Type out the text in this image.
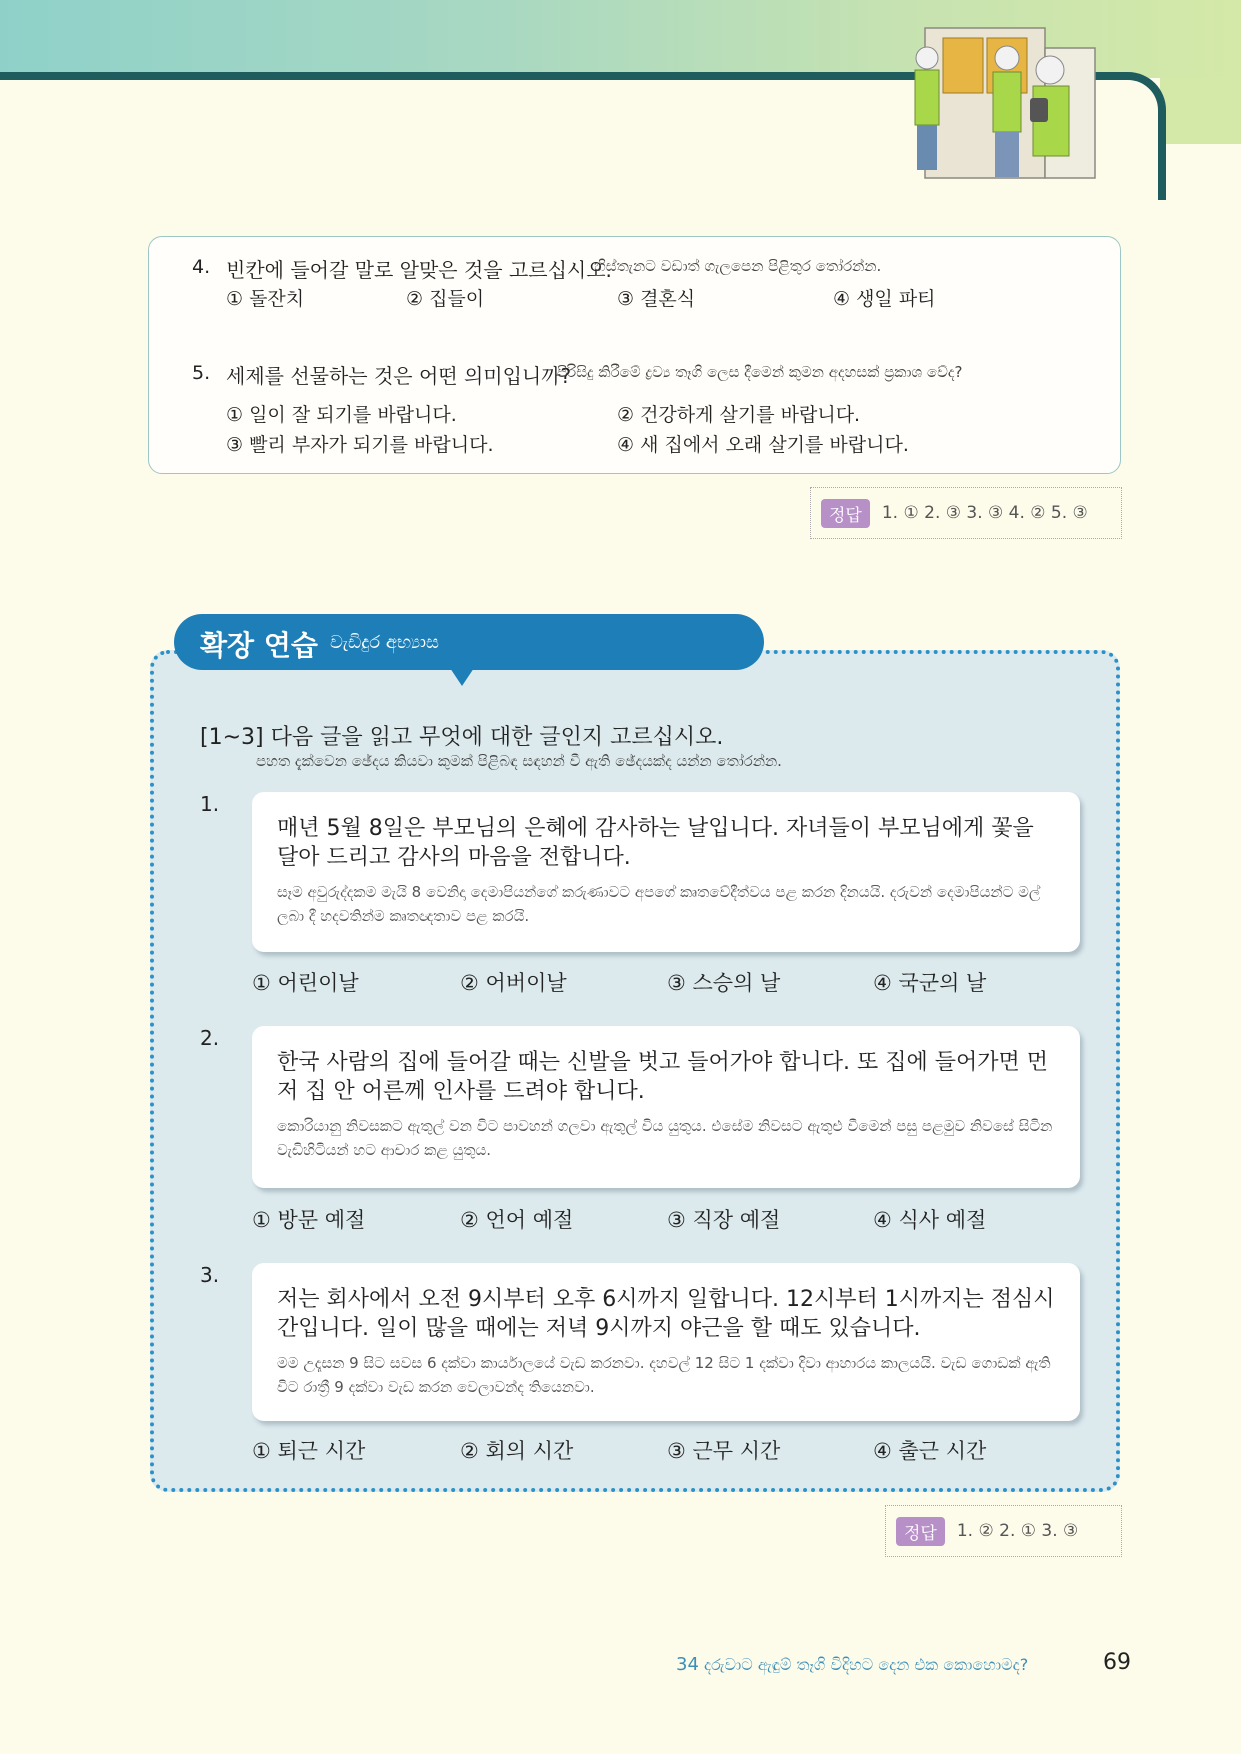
4. 빈칸에 들어갈 말로 알맞은 것을 고르십시오.
හිස්තැනට වඩාත් ගැලපෙන පිළිතුර තෝරන්න.
① 돌잔치	② 집들이	③ 결혼식	④ 생일 파티
5. 세제를 선물하는 것은 어떤 의미입니까?
පිරිසිදු කිරීමේ ද්‍රව්‍ය තෑගි ලෙස දීමෙන් කුමන අදහසක් ප්‍රකාශ වේද?
① 일이 잘 되기를 바랍니다.	② 건강하게 살기를 바랍니다.
③ 빨리 부자가 되기를 바랍니다.	④ 새 집에서 오래 살기를 바랍니다.
정답	1. ① 2. ③ 3. ③ 4. ② 5. ③
확장 연습 වැඩිදුර අභ්‍යාස
[1~3] 다음 글을 읽고 무엇에 대한 글인지 고르십시오.
පහත දැක්වෙන ඡේදය කියවා කුමක් පිළිබඳ සඳහන් වී ඇති ඡේදයක්ද යන්න තෝරන්න.
1.
매년 5월 8일은 부모님의 은혜에 감사하는 날입니다. 자녀들이 부모님에게 꽃을 달아 드리고 감사의 마음을 전합니다.
සෑම අවුරුද්දකම මැයි 8 වෙනිදා දෙමාපියන්ගේ කරුණාවට අපගේ කෘතවේදීත්වය පළ කරන දිනයයි. දරුවන් දෙමාපියන්ට මල් ලබා දී හදවතින්ම කෘතඥතාව පළ කරයි.
① 어린이날	② 어버이날	③ 스승의 날	④ 국군의 날
2.
한국 사람의 집에 들어갈 때는 신발을 벗고 들어가야 합니다. 또 집에 들어가면 먼저 집 안 어른께 인사를 드려야 합니다.
කොරියානු නිවසකට ඇතුල් වන විට පාවහන් ගලවා ඇතුල් විය යුතුය. එසේම නිවසට ඇතුළු වීමෙන් පසු පළමුව නිවසේ සිටින වැඩිහිටියන් හට ආචාර කළ යුතුය.
① 방문 예절	② 언어 예절	③ 직장 예절	④ 식사 예절
3.
저는 회사에서 오전 9시부터 오후 6시까지 일합니다. 12시부터 1시까지는 점심시간입니다. 일이 많을 때에는 저녁 9시까지 야근을 할 때도 있습니다.
මම උදෑසන 9 සිට සවස 6 දක්වා කාර්යාලයේ වැඩ කරනවා. දහවල් 12 සිට 1 දක්වා දිවා ආහාරය කාලයයි. වැඩ ගොඩක් ඇති විට රාත්‍රී 9 දක්වා වැඩ කරන වෙලාවන්ද තියෙනවා.
① 퇴근 시간	② 회의 시간	③ 근무 시간	④ 출근 시간
정답	1. ② 2. ① 3. ③
34 දරුවාට ඇඳුම් තෑගි විදිහට දෙන එක කොහොමද?	69
